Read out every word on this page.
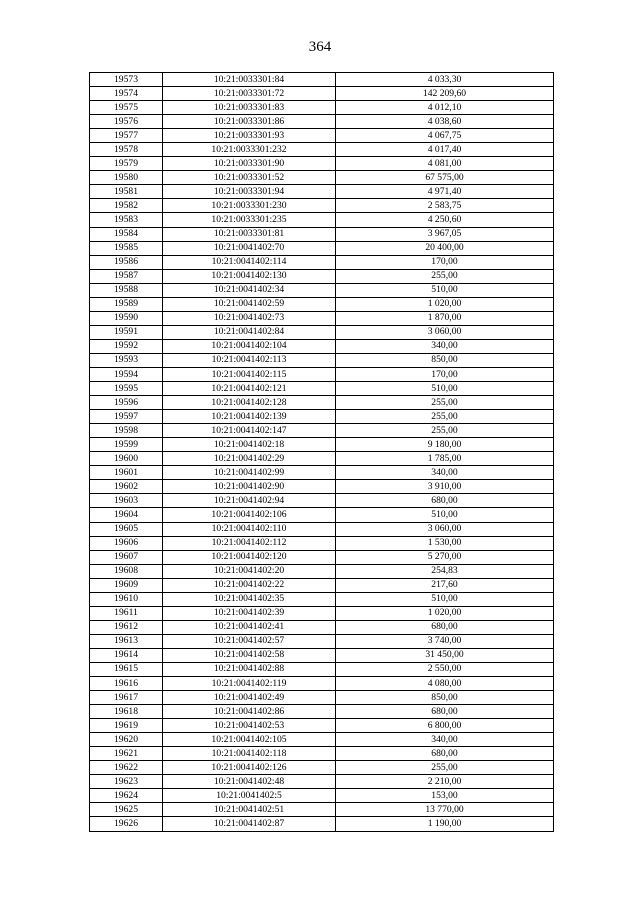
364
19573	10:21:0033301:84	4 033,30
19574	10:21:0033301:72	142 209,60
19575	10:21:0033301:83	4 012,10
19576	10:21:0033301:86	4 038,60
19577	10:21:0033301:93	4 067,75
19578	10:21:0033301:232	4 017,40
19579	10:21:0033301:90	4 081,00
19580	10:21:0033301:52	67 575,00
19581	10:21:0033301:94	4 971,40
19582	10:21:0033301:230	2 583,75
19583	10:21:0033301:235	4 250,60
19584	10:21:0033301:81	3 967,05
19585	10:21:0041402:70	20 400,00
19586	10:21:0041402:114	170,00
19587	10:21:0041402:130	255,00
19588	10:21:0041402:34	510,00
19589	10:21:0041402:59	1 020,00
19590	10:21:0041402:73	1 870,00
19591	10:21:0041402:84	3 060,00
19592	10:21:0041402:104	340,00
19593	10:21:0041402:113	850,00
19594	10:21:0041402:115	170,00
19595	10:21:0041402:121	510,00
19596	10:21:0041402:128	255,00
19597	10:21:0041402:139	255,00
19598	10:21:0041402:147	255,00
19599	10:21:0041402:18	9 180,00
19600	10:21:0041402:29	1 785,00
19601	10:21:0041402:99	340,00
19602	10:21:0041402:90	3 910,00
19603	10:21:0041402:94	680,00
19604	10:21:0041402:106	510,00
19605	10:21:0041402:110	3 060,00
19606	10:21:0041402:112	1 530,00
19607	10:21:0041402:120	5 270,00
19608	10:21:0041402:20	254,83
19609	10:21:0041402:22	217,60
19610	10:21:0041402:35	510,00
19611	10:21:0041402:39	1 020,00
19612	10:21:0041402:41	680,00
19613	10:21:0041402:57	3 740,00
19614	10:21:0041402:58	31 450,00
19615	10:21:0041402:88	2 550,00
19616	10:21:0041402:119	4 080,00
19617	10:21:0041402:49	850,00
19618	10:21:0041402:86	680,00
19619	10:21:0041402:53	6 800,00
19620	10:21:0041402:105	340,00
19621	10:21:0041402:118	680,00
19622	10:21:0041402:126	255,00
19623	10:21:0041402:48	2 210,00
19624	10:21:0041402:5	153,00
19625	10:21:0041402:51	13 770,00
19626	10:21:0041402:87	1 190,00
